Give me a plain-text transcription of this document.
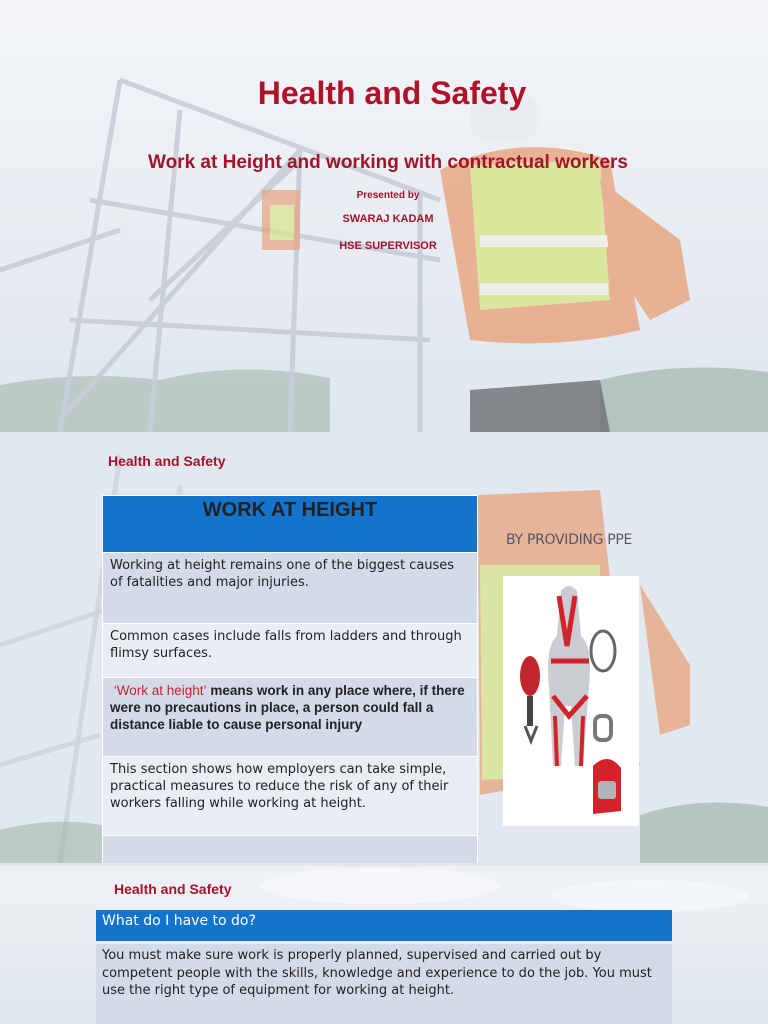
Health and Safety
Work at Height and working with contractual workers
Presented by
SWARAJ KADAM
HSE SUPERVISOR
Health and Safety
WORK AT HEIGHT
Working at height remains one of the biggest causes of fatalities and major injuries.
Common cases include falls from ladders and through flimsy surfaces.
‘Work at height’ means work in any place where, if there were no precautions in place, a person could fall a distance liable to cause personal injury
This section shows how employers can take simple, practical measures to reduce the risk of any of their workers falling while working at height.

BY PROVIDING PPE
Health and Safety
What do I have to do?
You must make sure work is properly planned, supervised and carried out by competent people with the skills, knowledge and experience to do the job. You must use the right type of equipment for working at height.
